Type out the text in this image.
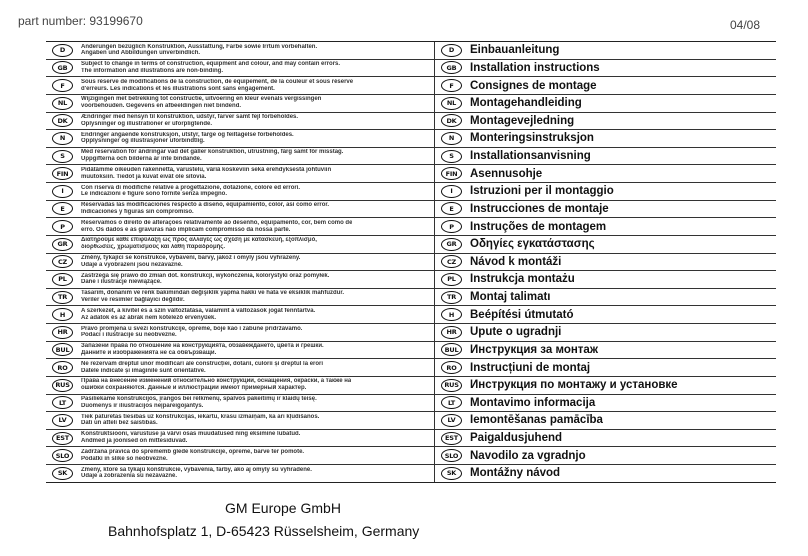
part number: 93199670	04/08
D	Änderungen bezüglich Konstruktion, Ausstattung, Farbe sowie Irrtum vorbehalten.
Angaben und Abbildungen unverbindlich.	D	Einbauanleitung
GB	Subject to change in terms of construction, equipment and colour, and may contain errors.
The information and illustrations are non-binding.	GB	Installation instructions
F	Sous réserve de modifications de la construction, de équipement, de la couleur et sous réserve
d'erreurs. Les indications et les illustrations sont sans engagement.	F	Consignes de montage
NL	Wijzigingen met betrekking tot constructie, uitvoering en kleur evenals vergissingen
voorbehouden. Gegevens en afbeeldingen niet bindend.	NL	Montagehandleiding
DK	Ændringer med hensyn til konstruktion, udstyr, farver samt fejl forbeholdes.
Oplysninger og illustrationer er uforpligtende.	DK	Montagevejledning
N	Endringer angående konstruksjon, utstyr, farge og feiltagelse forbeholdes.
Opplysninger og illustrasjoner uforbindtlig.	N	Monteringsinstruksjon
S	Med reservation för ändringar vad det gäller konstruktion, utrustning, färg samt för misstag.
Uppgifterna och bilderna är inte bindande.	S	Installationsanvisning
FIN	Pidätämme oikeuden rakennetta, varustelu, väriä koskeviin sekä erehdyksestä johtuviin
muutoksiin. Tiedot ja kuvat eivät ole sitovia.	FIN	Asennusohje
I	Con riserva di modifiche relative a progettazione, dotazione, colore ed errori.
Le indicazioni e figure sono fornite senza impegno.	I	Istruzioni per il montaggio
E	Reservadas las modificaciones respecto a diseño, equipamiento, color, así como error.
Indicaciones y figuras sin compromiso.	E	Instrucciones de montaje
P	Reservamos o direito de alterações relativamente ao desenho, equipamento, cor, bem como de
erro. Os dados e as gravuras não implicam compromisso da nossa parte.	P	Instruções de montagem
GR	Διατηρούμε κάθε επιφύλαξη ως προς αλλαγές ως σχέση με κατασκευή, εξοπλισμό,
διορθώσεις, χρωματισμούς και λάθη παραδρομής.	GR	Οδηγίες εγκατάστασης
CZ	Změny, týkající se konstrukce, vybavení, barvy, jakož i omyly jsou vyhrazeny.
Údaje a vyobrazení jsou nezávazné.	CZ	Návod k montáži
PL	Zastrzega się prawo do zmian dot. konstrukcji, wykończenia, kolorystyki oraz pomyłek.
Dane i ilustracje niewiążące.	PL	Instrukcja montażu
TR	Tasarım, donanım ve renk bakımından değişiklik yapma hakkı ve hata ve eksiklik mahfuzdur.
Veriler ve resimler bağlayıcı değildir.	TR	Montaj talimatı
H	A szerkezet, a kivitel és a szín változtatása, valamint a változások jogát fenntartva.
Az adatok és az ábrák nem kötelező érvényűek.	H	Beépítési útmutató
HR	Pravo promjena u svezi konstrukcije, opreme, boje kao i zabune pridržavamo.
Podaci i ilustracije su neobvezne.	HR	Upute o ugradnji
BUL	Запазени права по отношение на конструкцията, обзавеждането, цвета и грешки.
Данните и изображенията не са обвързващи.	BUL	Инструкция за монтаж
RO	Ne rezervăm dreptul unor modificări ale construcției, dotării, culorii și dreptul la erori
Datele indicate și imaginile sunt orientative.	RO	Instrucțiuni de montaj
RUS	Права на внесение изменений относительно конструкции, оснащения, окраски, а также на
ошибки сохраняются. Данные и иллюстрации имеют примерный характер.	RUS Инструкция по монтажу и установке
LT	Pasiliekame konstrukcijos, įrangos bei rėlkmenų, spalvos pakeitimų ir klaidų teisę.
Duomenys ir iliustracijos neįpareigojantys.	LT	Montavimo informacija
LV	Tiek paturētas tiesības uz konstrukcijas, iekārtu, krāsu izmaiņām, kā arī kļūdīšanos.
Dati un attēli bez saistības.	LV	Iemontēšanas pamācība
EST	Konstruktsiooni, varustuse ja värvi osas muudatused ning eksimine lubatud.
Andmed ja joonised on mittesiduvad.	EST	Paigaldusjuhend
SLO	Zadržana pravica do sprememb glede konstrukcije, opreme, barve ter pomote.
Podatki in slike so neobvezne.	SLO	Navodilo za vgradnjo
SK	Zmeny, ktoré sa týkajú konštrukcie, vybavenia, farby, ako aj omyly sú vyhradené.
Údaje a zobrazenia sú nezávazné.	SK	Montážny návod
GM Europe GmbH
Bahnhofsplatz 1, D-65423 Rüsselsheim, Germany
